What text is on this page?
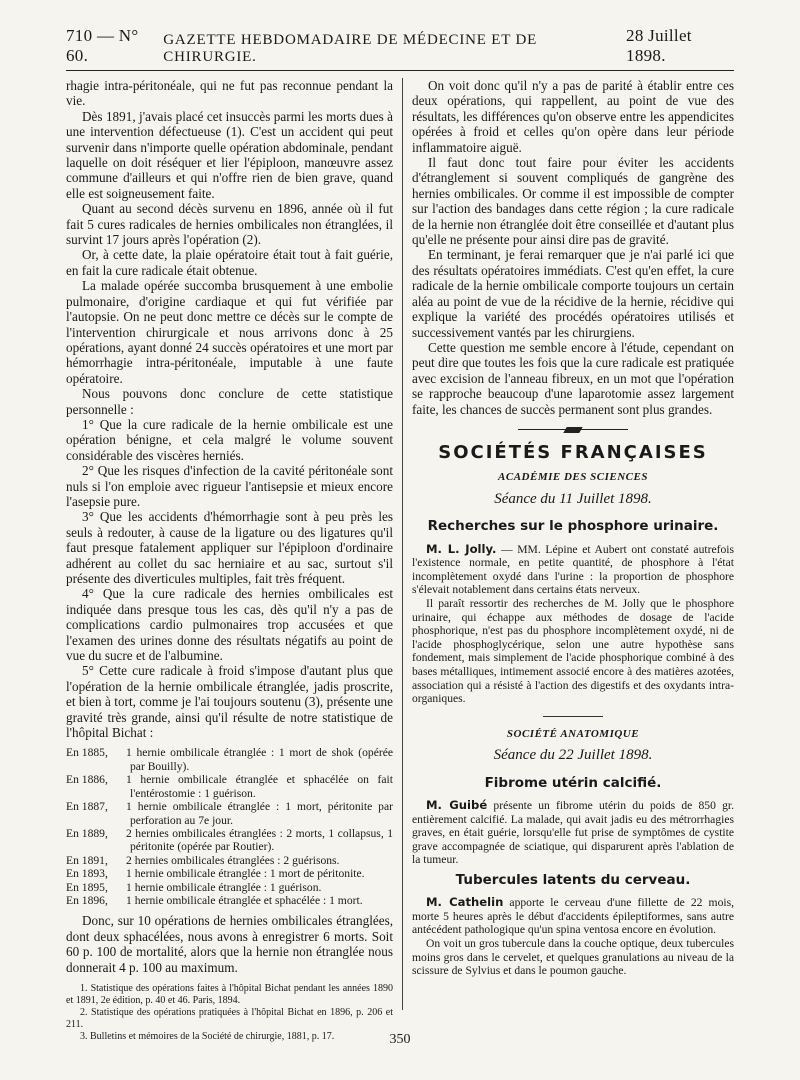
710 — N° 60.
GAZETTE HEBDOMADAIRE DE MÉDECINE ET DE CHIRURGIE.
28 Juillet 1898.

rhagie intra-péritonéale, qui ne fut pas reconnue pendant la vie.

Dès 1891, j'avais placé cet insuccès parmi les morts dues à une intervention défectueuse (1). C'est un accident qui peut survenir dans n'importe quelle opération abdominale, pendant laquelle on doit réséquer et lier l'épiploon, manœuvre assez commune d'ailleurs et qui n'offre rien de bien grave, quand elle est soigneusement faite.

Quant au second décès survenu en 1896, année où il fut fait 5 cures radicales de hernies ombilicales non étranglées, il survint 17 jours après l'opération (2).

Or, à cette date, la plaie opératoire était tout à fait guérie, en fait la cure radicale était obtenue.

La malade opérée succomba brusquement à une embolie pulmonaire, d'origine cardiaque et qui fut vérifiée par l'autopsie. On ne peut donc mettre ce décès sur le compte de l'intervention chirurgicale et nous arrivons donc à 25 opérations, ayant donné 24 succès opératoires et une mort par hémorrhagie intra-péritonéale, imputable à une faute opératoire.

Nous pouvons donc conclure de cette statistique personnelle :

1° Que la cure radicale de la hernie ombilicale est une opération bénigne, et cela malgré le volume souvent considérable des viscères herniés.

2° Que les risques d'infection de la cavité péritonéale sont nuls si l'on emploie avec rigueur l'antisepsie et mieux encore l'asepsie pure.

3° Que les accidents d'hémorrhagie sont à peu près les seuls à redouter, à cause de la ligature ou des ligatures qu'il faut presque fatalement appliquer sur l'épiploon d'ordinaire adhérent au collet du sac herniaire et au sac, surtout s'il présente des diverticules multiples, fait très fréquent.

4° Que la cure radicale des hernies ombilicales est indiquée dans presque tous les cas, dès qu'il n'y a pas de complications cardio pulmonaires trop accusées et que l'examen des urines donne des résultats négatifs au point de vue du sucre et de l'albumine.

5° Cette cure radicale à froid s'impose d'autant plus que l'opération de la hernie ombilicale étranglée, jadis proscrite, et bien à tort, comme je l'ai toujours soutenu (3), présente une gravité très grande, ainsi qu'il résulte de notre statistique de l'hôpital Bichat :

En 1885,	1 hernie ombilicale étranglée : 1 mort de shok (opérée par Bouilly).
En 1886,	1 hernie ombilicale étranglée et sphacélée on fait l'entérostomie : 1 guérison.
En 1887,	1 hernie ombilicale étranglée : 1 mort, péritonite par perforation au 7e jour.
En 1889,	2 hernies ombilicales étranglées : 2 morts, 1 collapsus, 1 péritonite (opérée par Routier).
En 1891,	2 hernies ombilicales étranglées : 2 guérisons.
En 1893,	1 hernie ombilicale étranglée : 1 mort de péritonite.
En 1895,	1 hernie ombilicale étranglée : 1 guérison.
En 1896,	1 hernie ombilicale étranglée et sphacélée : 1 mort.

Donc, sur 10 opérations de hernies ombilicales étranglées, dont deux sphacélées, nous avons à enregistrer 6 morts. Soit 60 p. 100 de mortalité, alors que la hernie non étranglée nous donnerait 4 p. 100 au maximum.

1. Statistique des opérations faites à l'hôpital Bichat pendant les années 1890 et 1891, 2e édition, p. 40 et 46. Paris, 1894.
2. Statistique des opérations pratiquées à l'hôpital Bichat en 1896, p. 206 et 211.
3. Bulletins et mémoires de la Société de chirurgie, 1881, p. 17.

On voit donc qu'il n'y a pas de parité à établir entre ces deux opérations, qui rappellent, au point de vue des résultats, les différences qu'on observe entre les appendicites opérées à froid et celles qu'on opère dans leur période inflammatoire aiguë.

Il faut donc tout faire pour éviter les accidents d'étranglement si souvent compliqués de gangrène des hernies ombilicales. Or comme il est impossible de compter sur l'action des bandages dans cette région ; la cure radicale de la hernie non étranglée doit être conseillée et d'autant plus qu'elle ne présente pour ainsi dire pas de gravité.

En terminant, je ferai remarquer que je n'ai parlé ici que des résultats opératoires immédiats. C'est qu'en effet, la cure radicale de la hernie ombilicale comporte toujours un certain aléa au point de vue de la récidive de la hernie, récidive qui explique la variété des procédés opératoires utilisés et successivement vantés par les chirurgiens.

Cette question me semble encore à l'étude, cependant on peut dire que toutes les fois que la cure radicale est pratiquée avec excision de l'anneau fibreux, en un mot que l'opération se rapproche beaucoup d'une laparotomie assez largement faite, les chances de succès permanent sont plus grandes.

SOCIÉTÉS FRANÇAISES
ACADÉMIE DES SCIENCES
Séance du 11 Juillet 1898.
Recherches sur le phosphore urinaire.

M. L. Jolly. — MM. Lépine et Aubert ont constaté autrefois l'existence normale, en petite quantité, de phosphore à l'état incomplètement oxydé dans l'urine : la proportion de phosphore s'élevait notablement dans certains états nerveux.

Il paraît ressortir des recherches de M. Jolly que le phosphore urinaire, qui échappe aux méthodes de dosage de l'acide phosphorique, n'est pas du phosphore incomplètement oxydé, ni de l'acide phosphoglycérique, selon une autre hypothèse sans fondement, mais simplement de l'acide phosphorique combiné à des bases métalliques, intimement associé encore à des matières azotées, association qui a résisté à l'action des digestifs et des oxydants intra-organiques.

SOCIÉTÉ ANATOMIQUE
Séance du 22 Juillet 1898.
Fibrome utérin calcifié.

M. Guibé présente un fibrome utérin du poids de 850 gr. entièrement calcifié. La malade, qui avait jadis eu des métrorrhagies graves, en était guérie, lorsqu'elle fut prise de symptômes de cystite grave accompagnée de sciatique, qui disparurent après l'ablation de la tumeur.

Tubercules latents du cerveau.

M. Cathelin apporte le cerveau d'une fillette de 22 mois, morte 5 heures après le début d'accidents épileptiformes, sans autre antécédent pathologique qu'un spina ventosa encore en évolution.

On voit un gros tubercule dans la couche optique, deux tubercules moins gros dans le cervelet, et quelques granulations au niveau de la scissure de Sylvius et dans le poumon gauche.

350
